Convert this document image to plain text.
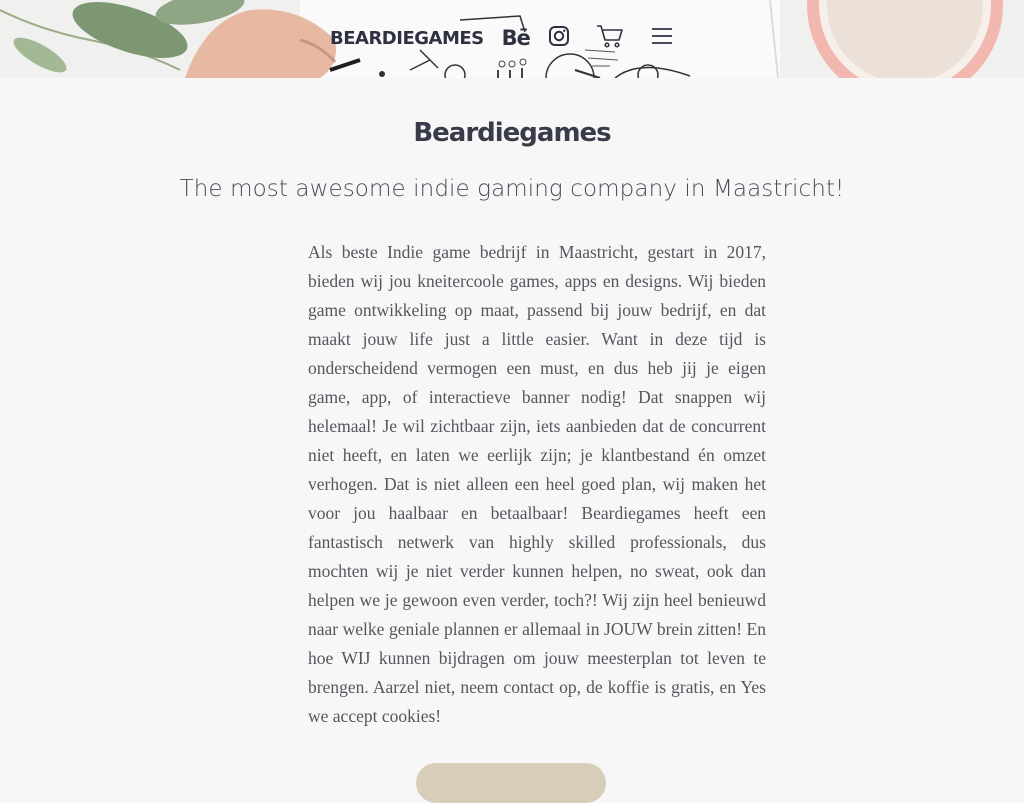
BEARDIEGAMES Bē
Beardiegames
The most awesome indie gaming company in Maastricht!

Als beste Indie game bedrijf in Maastricht, gestart in 2017, bieden wij jou kneitercoole games, apps en designs. Wij bieden game ontwikkeling op maat, passend bij jouw bedrijf, en dat maakt jouw life just a little easier. Want in deze tijd is onderscheidend vermogen een must, en dus heb jij je eigen game, app, of interactieve banner nodig! Dat snappen wij helemaal! Je wil zichtbaar zijn, iets aanbieden dat de concurrent niet heeft, en laten we eerlijk zijn; je klantbestand én omzet verhogen. Dat is niet alleen een heel goed plan, wij maken het voor jou haalbaar en betaalbaar! Beardiegames heeft een fantastisch netwerk van highly skilled professionals, dus mochten wij je niet verder kunnen helpen, no sweat, ook dan helpen we je gewoon even verder, toch?! Wij zijn heel benieuwd naar welke geniale plannen er allemaal in JOUW brein zitten! En hoe WIJ kunnen bijdragen om jouw meesterplan tot leven te brengen. Aarzel niet, neem contact op, de koffie is gratis, en Yes we accept cookies!
